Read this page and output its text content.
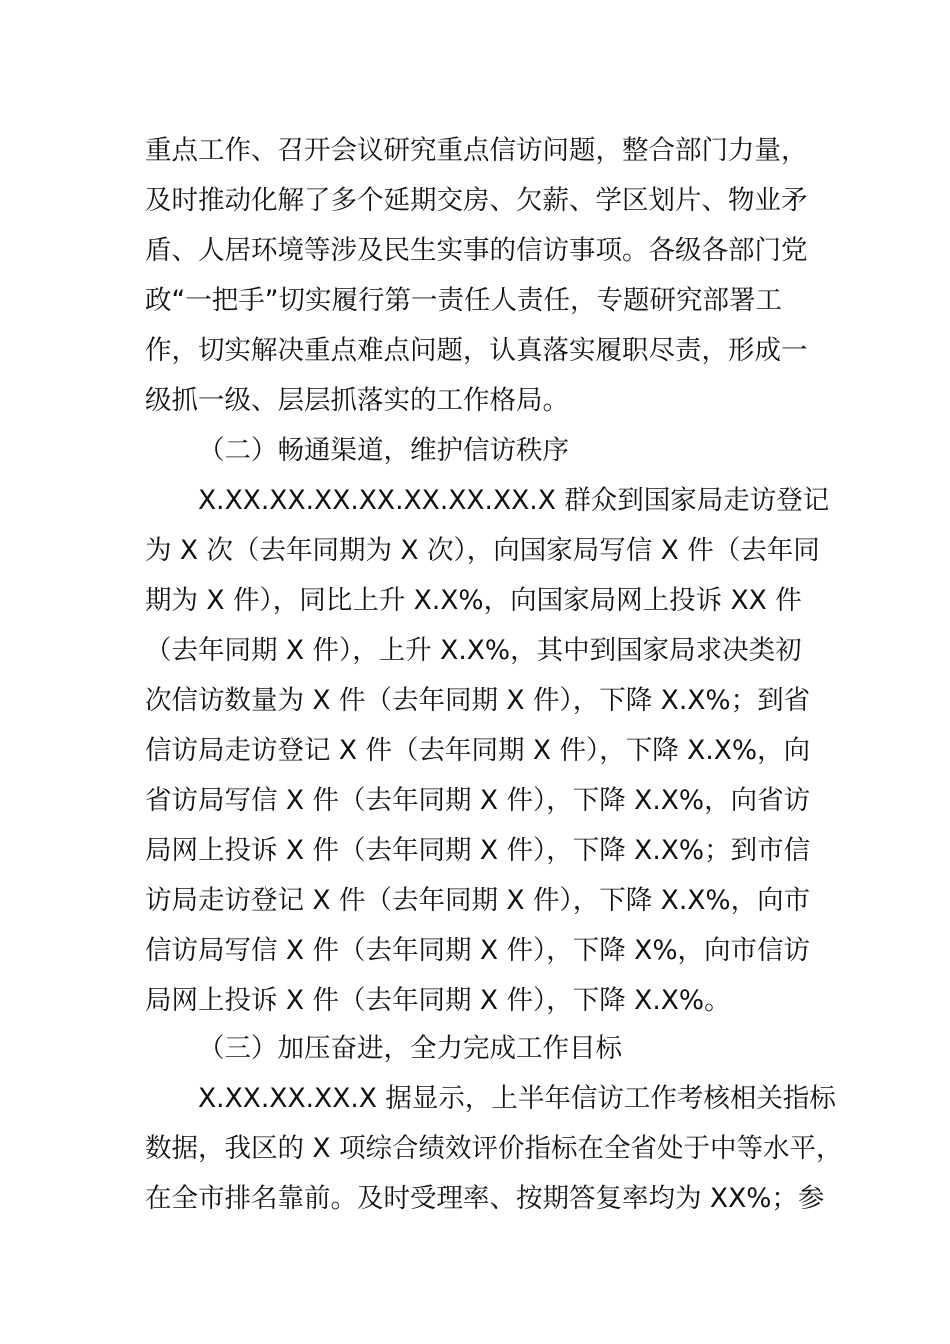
重点工作、召开会议研究重点信访问题，整合部门力量，
及时推动化解了多个延期交房、欠薪、学区划片、物业矛
盾、人居环境等涉及民生实事的信访事项。各级各部门党
政“一把手”切实履行第一责任人责任，专题研究部署工
作，切实解决重点难点问题，认真落实履职尽责，形成一
级抓一级、层层抓落实的工作格局。
（二）畅通渠道，维护信访秩序
X.XX.XX.XX.XX.XX.XX.XX.X 群众到国家局走访登记
为 X 次（去年同期为 X 次），向国家局写信 X 件（去年同
期为 X 件），同比上升 X.X%，向国家局网上投诉 XX 件
（去年同期 X 件），上升 X.X%，其中到国家局求决类初
次信访数量为 X 件（去年同期 X 件），下降 X.X%；到省
信访局走访登记 X 件（去年同期 X 件），下降 X.X%，向
省访局写信 X 件（去年同期 X 件），下降 X.X%，向省访
局网上投诉 X 件（去年同期 X 件），下降 X.X%；到市信
访局走访登记 X 件（去年同期 X 件），下降 X.X%，向市
信访局写信 X 件（去年同期 X 件），下降 X%，向市信访
局网上投诉 X 件（去年同期 X 件），下降 X.X%。
（三）加压奋进，全力完成工作目标
X.XX.XX.XX.X 据显示，上半年信访工作考核相关指标
数据，我区的 X 项综合绩效评价指标在全省处于中等水平，
在全市排名靠前。及时受理率、按期答复率均为 XX%；参
